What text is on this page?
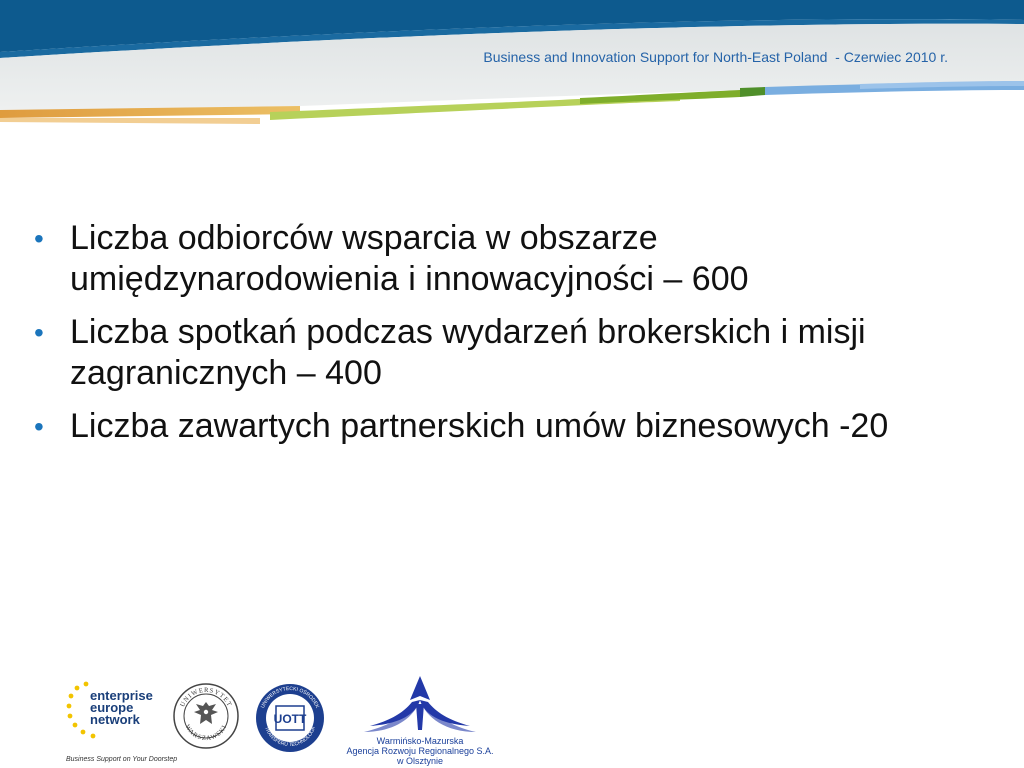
Business and Innovation Support for North-East Poland  - Czerwiec 2010 r.
• Liczba odbiorców wsparcia w obszarze umiędzynarodowienia i innowacyjności – 600
• Liczba spotkań podczas wydarzeń brokerskich i misji zagranicznych – 400
• Liczba zawartych partnerskich umów biznesowych -20
enterprise
europe
network
Business Support on Your Doorstep
UNIWERSYTET
WARSZAWSKI
UNIWERSYTECKI OŚRODEK
TRANSFERU TECHNOLOGII
UOTT
Warmińsko-Mazurska
Agencja Rozwoju Regionalnego S.A.
w Olsztynie
